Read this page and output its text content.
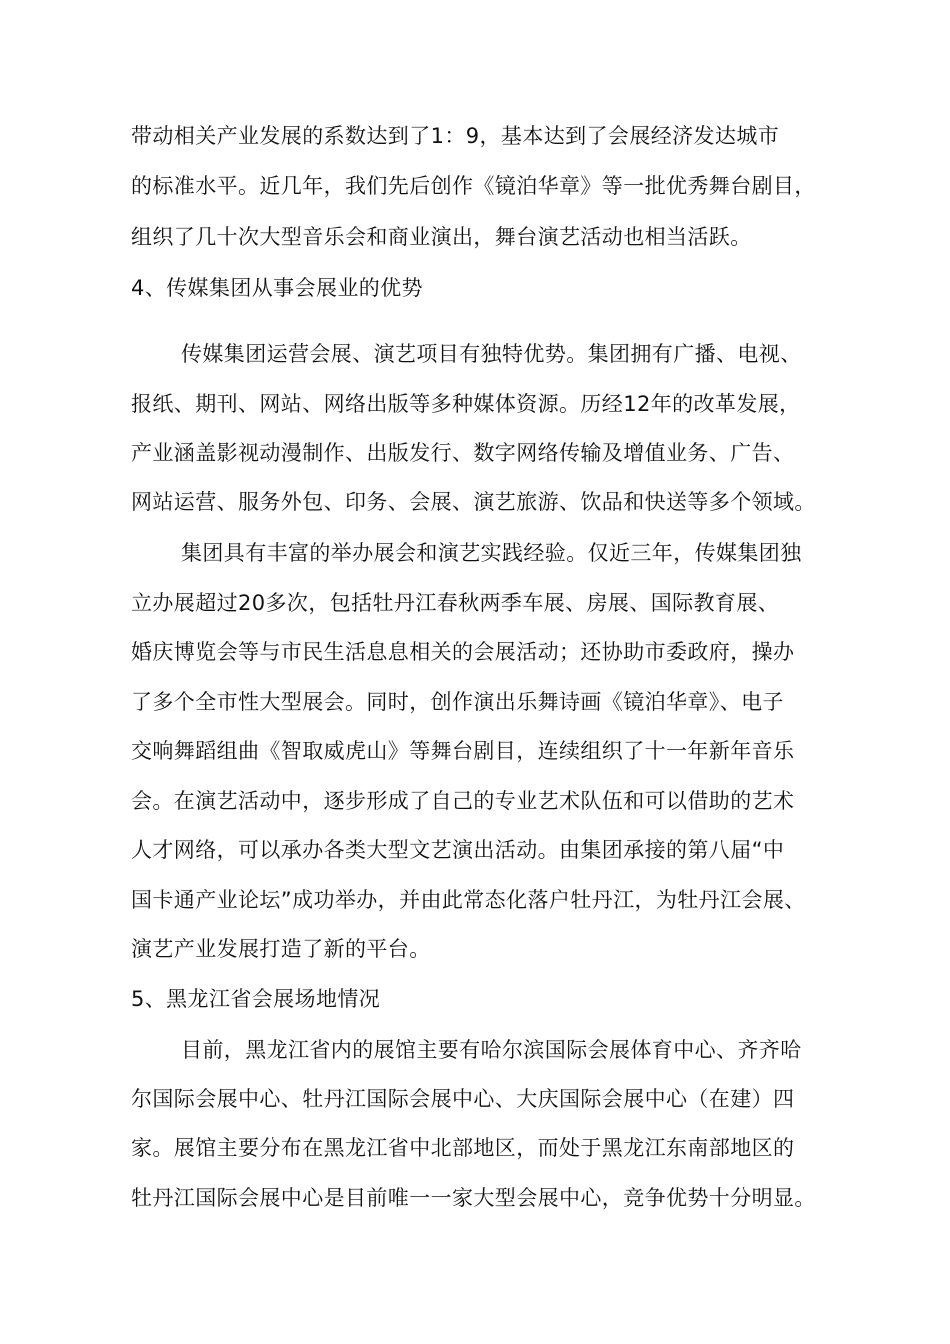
带动相关产业发展的系数达到了1：9，基本达到了会展经济发达城市
的标准水平。近几年，我们先后创作《镜泊华章》等一批优秀舞台剧目，
组织了几十次大型音乐会和商业演出，舞台演艺活动也相当活跃。
4、传媒集团从事会展业的优势
传媒集团运营会展、演艺项目有独特优势。集团拥有广播、电视、
报纸、期刊、网站、网络出版等多种媒体资源。历经12年的改革发展，
产业涵盖影视动漫制作、出版发行、数字网络传输及增值业务、广告、
网站运营、服务外包、印务、会展、演艺旅游、饮品和快送等多个领域。
集团具有丰富的举办展会和演艺实践经验。仅近三年，传媒集团独
立办展超过20多次，包括牡丹江春秋两季车展、房展、国际教育展、
婚庆博览会等与市民生活息息相关的会展活动；还协助市委政府，操办
了多个全市性大型展会。同时，创作演出乐舞诗画《镜泊华章》、电子
交响舞蹈组曲《智取威虎山》等舞台剧目，连续组织了十一年新年音乐
会。在演艺活动中，逐步形成了自己的专业艺术队伍和可以借助的艺术
人才网络，可以承办各类大型文艺演出活动。由集团承接的第八届“中
国卡通产业论坛”成功举办，并由此常态化落户牡丹江，为牡丹江会展、
演艺产业发展打造了新的平台。
5、黑龙江省会展场地情况
目前，黑龙江省内的展馆主要有哈尔滨国际会展体育中心、齐齐哈
尔国际会展中心、牡丹江国际会展中心、大庆国际会展中心（在建）四
家。展馆主要分布在黑龙江省中北部地区，而处于黑龙江东南部地区的
牡丹江国际会展中心是目前唯一一家大型会展中心，竞争优势十分明显。
